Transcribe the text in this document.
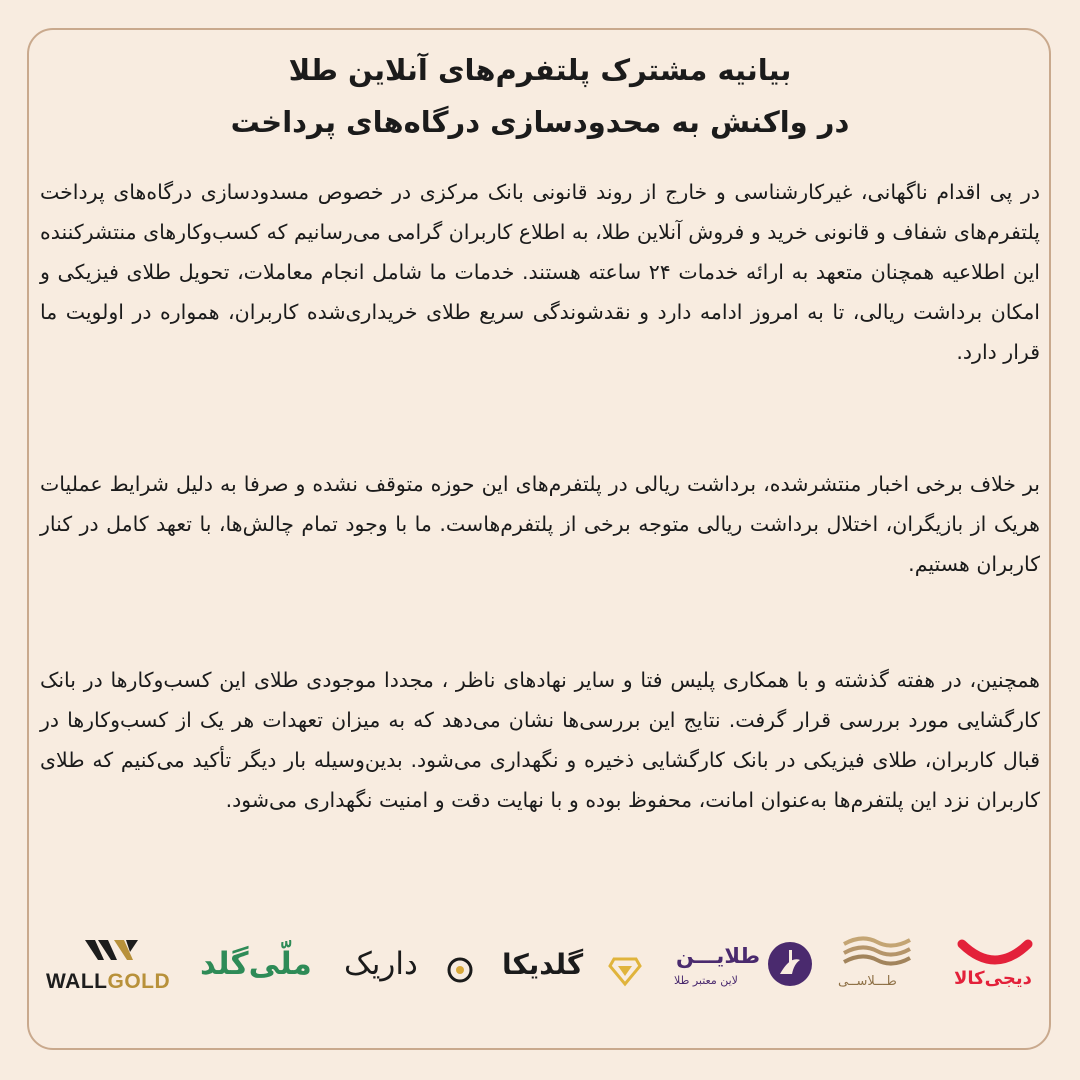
بیانیه مشترک پلتفرم‌های آنلاین طلا
در واکنش به محدودسازی درگاه‌های پرداخت
در پی اقدام ناگهانی، غیرکارشناسی و خارج از روند قانونی بانک مرکزی در خصوص مسدودسازی درگاه‌های پرداخت پلتفرم‌های شفاف و قانونی خرید و فروش آنلاین طلا، به اطلاع کاربران گرامی می‌رسانیم که کسب‌وکارهای منتشرکننده این اطلاعیه همچنان متعهد به ارائه خدمات ۲۴ ساعته هستند. خدمات ما شامل انجام معاملات، تحویل طلای فیزیکی و امکان برداشت ریالی، تا به امروز ادامه دارد و نقدشوندگی سریع طلای خریداری‌شده کاربران، همواره در اولویت ما قرار دارد.
بر خلاف برخی اخبار منتشرشده، برداشت ریالی در پلتفرم‌های این حوزه متوقف نشده و صرفا به دلیل شرایط عملیات هریک از بازیگران، اختلال برداشت ریالی متوجه برخی از پلتفرم‌هاست. ما با وجود تمام چالش‌ها، با تعهد کامل در کنار کاربران هستیم.
همچنین، در هفته گذشته و با همکاری پلیس فتا و سایر نهادهای ناظر ، مجددا موجودی طلای این کسب‌وکارها در بانک کارگشایی مورد بررسی قرار گرفت. نتایج این بررسی‌ها نشان می‌دهد که به میزان تعهدات هر یک از کسب‌وکارها در قبال کاربران، طلای فیزیکی در بانک کارگشایی ذخیره و نگهداری می‌شود. بدین‌وسیله بار دیگر تأکید می‌کنیم که طلای کاربران نزد این پلتفرم‌ها به‌عنوان امانت، محفوظ بوده و با نهایت دقت و امنیت نگهداری می‌شود.
WALLGOLD ملّی‌گلد داریک	گلدیکا	طلایـــن
لاین معتبر طلا	طـــلاســی	دیجی‌کالا
